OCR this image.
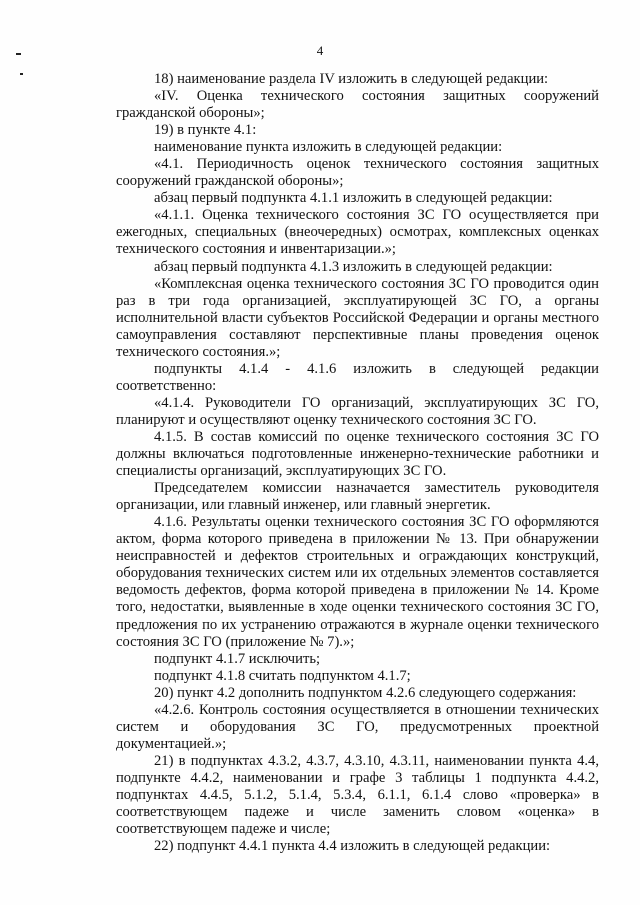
4

18) наименование раздела IV изложить в следующей редакции:

«IV. Оценка технического состояния защитных сооружений гражданской обороны»;

19) в пункте 4.1:

наименование пункта изложить в следующей редакции:

«4.1. Периодичность оценок технического состояния защитных сооружений гражданской обороны»;

абзац первый подпункта 4.1.1 изложить в следующей редакции:

«4.1.1. Оценка технического состояния ЗС ГО осуществляется при ежегодных, специальных (внеочередных) осмотрах, комплексных оценках технического состояния и инвентаризации.»;

абзац первый подпункта 4.1.3 изложить в следующей редакции:

«Комплексная оценка технического состояния ЗС ГО проводится один раз в три года организацией, эксплуатирующей ЗС ГО, а органы исполнительной власти субъектов Российской Федерации и органы местного самоуправления составляют перспективные планы проведения оценок технического состояния.»;

подпункты 4.1.4 - 4.1.6 изложить в следующей редакции соответственно:

«4.1.4. Руководители ГО организаций, эксплуатирующих ЗС ГО, планируют и осуществляют оценку технического состояния ЗС ГО.

4.1.5. В состав комиссий по оценке технического состояния ЗС ГО должны включаться подготовленные инженерно-технические работники и специалисты организаций, эксплуатирующих ЗС ГО.

Председателем комиссии назначается заместитель руководителя организации, или главный инженер, или главный энергетик.

4.1.6. Результаты оценки технического состояния ЗС ГО оформляются актом, форма которого приведена в приложении № 13. При обнаружении неисправностей и дефектов строительных и ограждающих конструкций, оборудования технических систем или их отдельных элементов составляется ведомость дефектов, форма которой приведена в приложении № 14. Кроме того, недостатки, выявленные в ходе оценки технического состояния ЗС ГО, предложения по их устранению отражаются в журнале оценки технического состояния ЗС ГО (приложение № 7).»;

подпункт 4.1.7 исключить;

подпункт 4.1.8 считать подпунктом 4.1.7;

20) пункт 4.2 дополнить подпунктом 4.2.6 следующего содержания:

«4.2.6. Контроль состояния осуществляется в отношении технических систем и оборудования ЗС ГО, предусмотренных проектной документацией.»;

21) в подпунктах 4.3.2, 4.3.7, 4.3.10, 4.3.11, наименовании пункта 4.4, подпункте 4.4.2, наименовании и графе 3 таблицы 1 подпункта 4.4.2, подпунктах 4.4.5, 5.1.2, 5.1.4, 5.3.4, 6.1.1, 6.1.4 слово «проверка» в соответствующем падеже и числе заменить словом «оценка» в соответствующем падеже и числе;

22) подпункт 4.4.1 пункта 4.4 изложить в следующей редакции:
